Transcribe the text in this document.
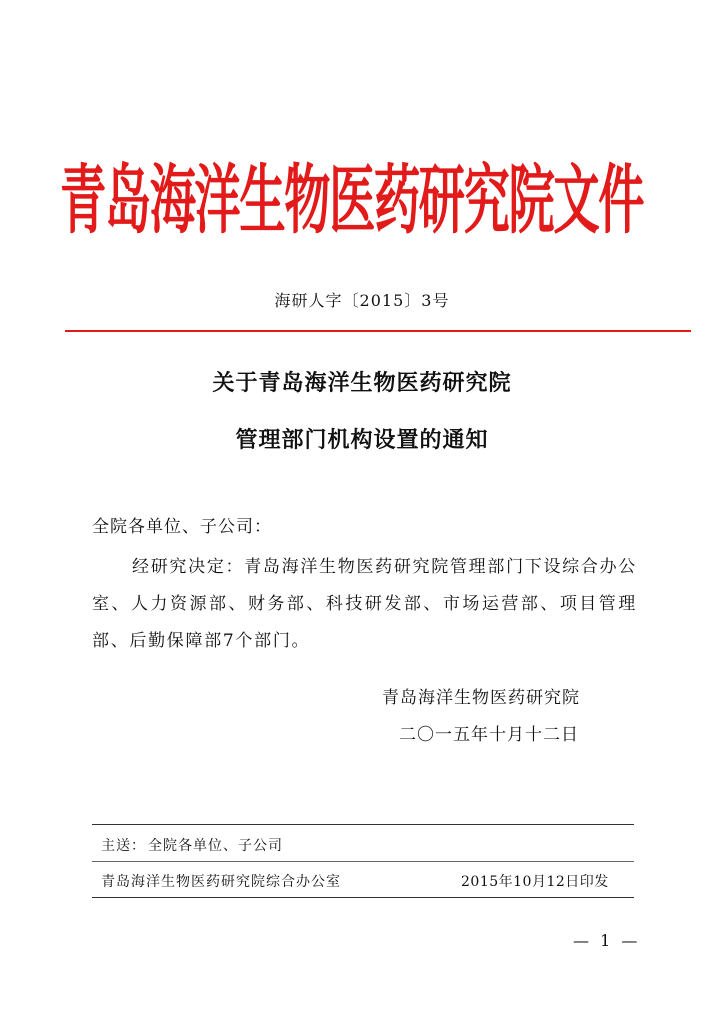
青岛海洋生物医药研究院文件
海研人字〔2015〕3号
关于青岛海洋生物医药研究院
管理部门机构设置的通知
全院各单位、子公司：
经研究决定：青岛海洋生物医药研究院管理部门下设综合办公室、人力资源部、财务部、科技研发部、市场运营部、项目管理部、后勤保障部7个部门。
青岛海洋生物医药研究院
二〇一五年十月十二日
主送： 全院各单位、子公司
青岛海洋生物医药研究院综合办公室	2015年10月12日印发
— 1 —
